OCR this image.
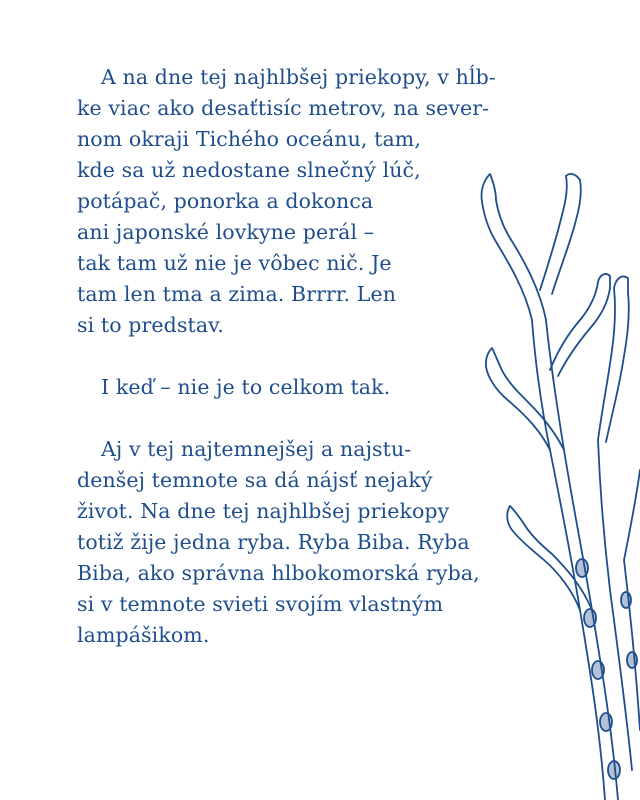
A na dne tej najhlbšej priekopy, v hĺb-
ke viac ako desaťtisíc metrov, na sever-
nom okraji Tichého oceánu, tam,
kde sa už nedostane slnečný lúč,
potápač, ponorka a dokonca
ani japonské lovkyne perál –
tak tam už nie je vôbec nič. Je
tam len tma a zima. Brrrr. Len
si to predstav.
I keď – nie je to celkom tak.
Aj v tej najtemnejšej a najstu-
denšej temnote sa dá nájsť nejaký
život. Na dne tej najhlbšej priekopy
totiž žije jedna ryba. Ryba Biba. Ryba
Biba, ako správna hlbokomorská ryba,
si v temnote svieti svojím vlastným
lampášikom.
